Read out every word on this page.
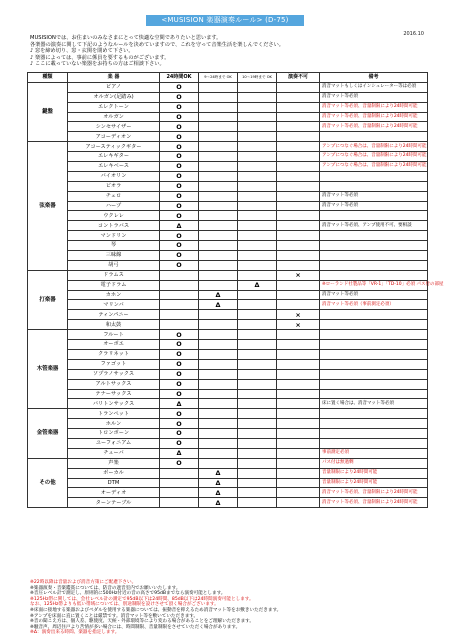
<MUSISION 楽器演奏ルール> (D-75)
2016.10
MUSISIONでは、お住まいのみなさまにとって快適な空間でありたいと思います。
各楽器の演奏に関して下記のようなルールを決めていますので、これを守って音楽生活を楽しんでください。
♪ 窓を締め切り、窓・玄関を閉めて下さい。
♪ 楽器によっては、事前に係員を要するものがございます。
♪ ここに載っていない楽器をお持ちの方はご相談下さい。
種類	楽 器	24時間OK	9～24時まで OK	10～19時まで OK	演奏不可	備考
鍵盤	ピアノ	O				消音マットもしくはインシュレーター等は必須
	オルガン(足踏み)	O				消音マット等必須
	エレクトーン	O				消音マット等必須、音量制限により24時間可能
	オルガン	O				消音マット等必須、音量制限により24時間可能
	シンセサイザー	O				消音マット等必須、音量制限により24時間可能
	アコーディオン	O				
弦楽器	アコースティックギター	O				アンプにつなぐ場合は、音量制限により24時間可能
	エレキギター	O				アンプにつなぐ場合は、音量制限により24時間可能
	エレキベース	O				アンプにつなぐ場合は、音量制限により24時間可能
	バイオリン	O				
	ビオラ	O				
	チェロ	O				消音マット等必須
	ハープ	O				消音マット等必須
	ウクレレ	O				
	コントラバス	Δ				消音マット等必須、アンプ使用不可、要相談
	マンドリン	O				
	琴	O				
	三味線	O				
	胡弓	O				
打楽器	ドラムス				×	
	電子ドラム			Δ		※ローランド社製品等「VR-1」「TD-10」必須 パス付の部屋
	カホン		Δ			消音マット等必須
	マリンバ		Δ			消音マット等必須（事前測定必須）
	ティンパニー				×	
	和太鼓				×	
木管楽器	フルート	O				
	オーボエ	O				
	クラリネット	O				
	ファゴット	O				
	ソプラノサックス	O				
	アルトサックス	O				
	テナーサックス	O				
	バリトンサックス	Δ				床に置く場合は、消音マット等必須
金管楽器	トランペット	O				
	ホルン	O				
	トロンボーン	O				
	ユーフォニアム	O				
	チューバ	Δ				事前測定必須
その他	声楽	O				パス付は無過剰
	ボーカル		Δ			音量制限により24時間可能
	DTM		Δ			音量制限により24時間可能
	オーディオ		Δ			消音マット等必須、音量制限により24時間可能
	ターンテーブル		Δ			消音マット等必須、音量制限により24時間可能
※22時以降は音量および消音方策にご配慮下さい。
※楽器演奏・音楽鑑賞については、防音の遮音室内でお願いいたします。
※音圧レベル計で測定し、原則的に500Hz付近の音の高さで95dBまでなら演奏可能とします。
※125Hz帯に関しては、会社レベル計の測定で95dB以下は24時間、85dB以下は24時間演奏可能とします。
なお、125Hz帯よりも低い帯域については、別途制限を設けさせて頂く場合がございます。
※床面に接地する楽器およびペダルを使用する楽器については、振動音を抑えるため消音マット等をお敷きいただきます。
※アンプを床面に直に置くことは厳禁です。消音マット等を敷いていただきます。
※音の聞こえ方は、個人差、駆使度、天候・外部環境等により変わる場合があることをご理解いただきます。
※騒音声、周辺住戸より苦情が多い場合には、時間制限、音量制限をさせていただく場合があります。
※Δ：演奏出来る時間、楽器を指定します。
